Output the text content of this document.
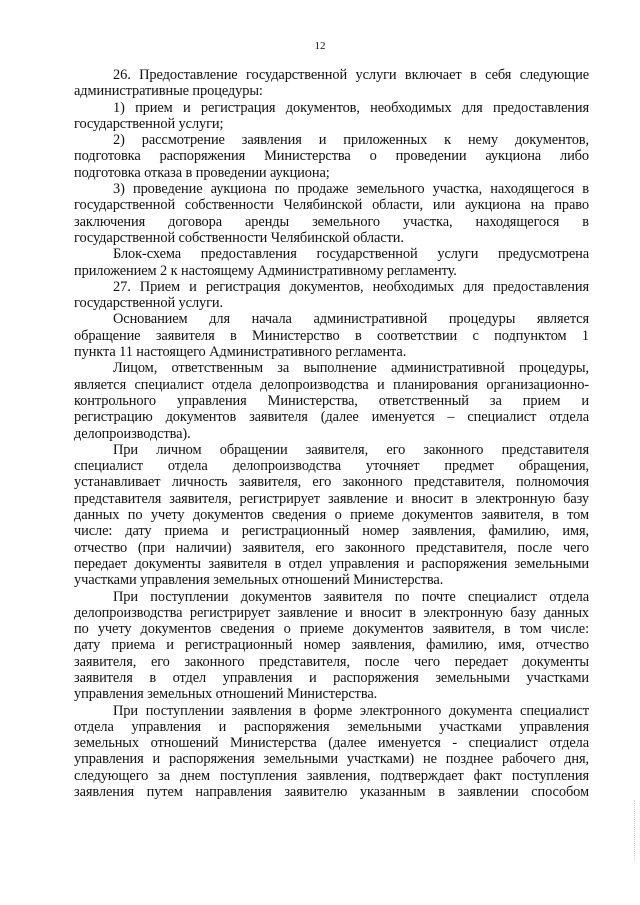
12
26. Предоставление государственной услуги включает в себя следующие
административные процедуры:
1) прием и регистрация документов, необходимых для предоставления
государственной услуги;
2) рассмотрение заявления и приложенных к нему документов,
подготовка распоряжения Министерства о проведении аукциона либо
подготовка отказа в проведении аукциона;
3) проведение аукциона по продаже земельного участка, находящегося в
государственной собственности Челябинской области, или аукциона на право
заключения договора аренды земельного участка, находящегося в
государственной собственности Челябинской области.
Блок-схема предоставления государственной услуги предусмотрена
приложением 2 к настоящему Административному регламенту.
27. Прием и регистрация документов, необходимых для предоставления
государственной услуги.
Основанием для начала административной процедуры является
обращение заявителя в Министерство в соответствии с подпунктом 1
пункта 11 настоящего Административного регламента.
Лицом, ответственным за выполнение административной процедуры,
является специалист отдела делопроизводства и планирования организационно-
контрольного управления Министерства, ответственный за прием и
регистрацию документов заявителя (далее именуется – специалист отдела
делопроизводства).
При личном обращении заявителя, его законного представителя
специалист отдела делопроизводства уточняет предмет обращения,
устанавливает личность заявителя, его законного представителя, полномочия
представителя заявителя, регистрирует заявление и вносит в электронную базу
данных по учету документов сведения о приеме документов заявителя, в том
числе: дату приема и регистрационный номер заявления, фамилию, имя,
отчество (при наличии) заявителя, его законного представителя, после чего
передает документы заявителя в отдел управления и распоряжения земельными
участками управления земельных отношений Министерства.
При поступлении документов заявителя по почте специалист отдела
делопроизводства регистрирует заявление и вносит в электронную базу данных
по учету документов сведения о приеме документов заявителя, в том числе:
дату приема и регистрационный номер заявления, фамилию, имя, отчество
заявителя, его законного представителя, после чего передает документы
заявителя в отдел управления и распоряжения земельными участками
управления земельных отношений Министерства.
При поступлении заявления в форме электронного документа специалист
отдела управления и распоряжения земельными участками управления
земельных отношений Министерства (далее именуется - специалист отдела
управления и распоряжения земельными участками) не позднее рабочего дня,
следующего за днем поступления заявления, подтверждает факт поступления
заявления путем направления заявителю указанным в заявлении способом
